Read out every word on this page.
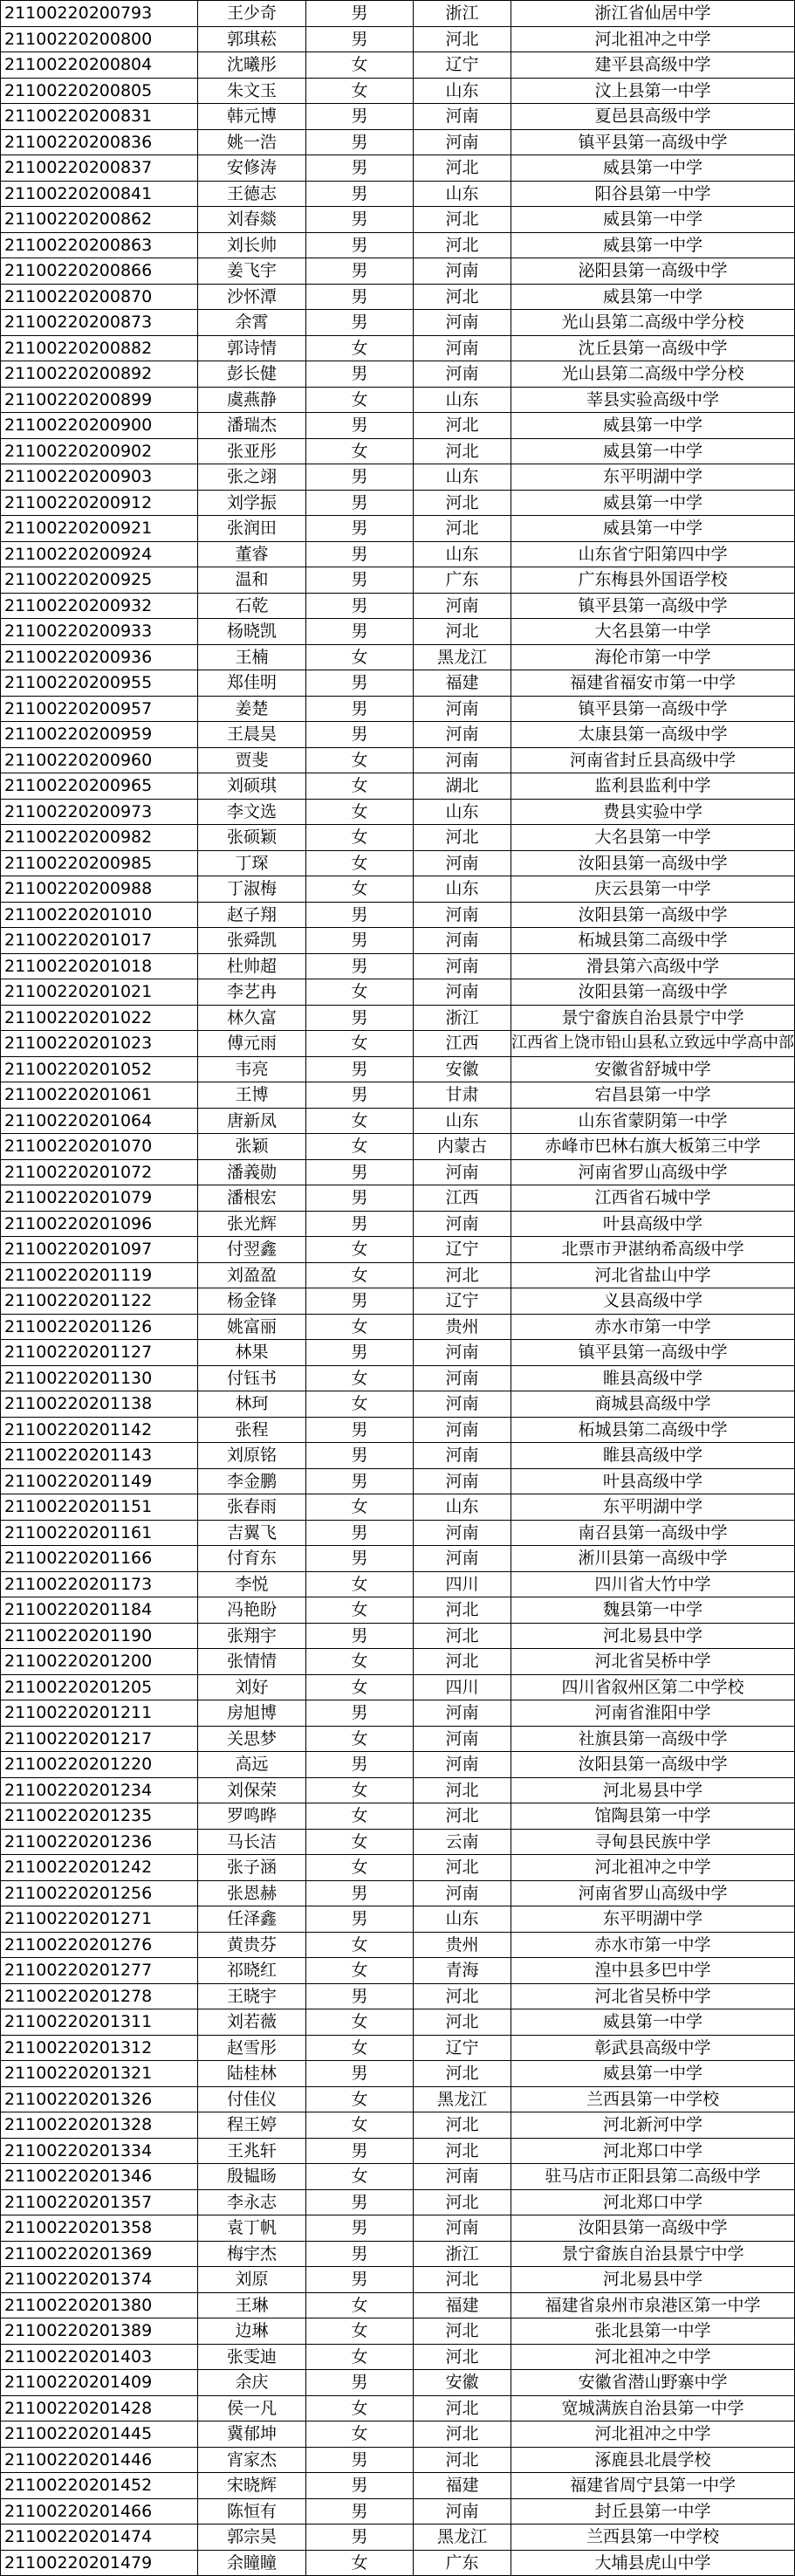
21100220200793	王少奇	男	浙江	浙江省仙居中学
21100220200800	郭琪菘	男	河北	河北祖冲之中学
21100220200804	沈曦彤	女	辽宁	建平县高级中学
21100220200805	朱文玉	女	山东	汶上县第一中学
21100220200831	韩元博	男	河南	夏邑县高级中学
21100220200836	姚一浩	男	河南	镇平县第一高级中学
21100220200837	安修涛	男	河北	威县第一中学
21100220200841	王德志	男	山东	阳谷县第一中学
21100220200862	刘春燚	男	河北	威县第一中学
21100220200863	刘长帅	男	河北	威县第一中学
21100220200866	姜飞宇	男	河南	泌阳县第一高级中学
21100220200870	沙怀潭	男	河北	威县第一中学
21100220200873	余霄	男	河南	光山县第二高级中学分校
21100220200882	郭诗情	女	河南	沈丘县第一高级中学
21100220200892	彭长健	男	河南	光山县第二高级中学分校
21100220200899	虞燕静	女	山东	莘县实验高级中学
21100220200900	潘瑞杰	男	河北	威县第一中学
21100220200902	张亚彤	女	河北	威县第一中学
21100220200903	张之翊	男	山东	东平明湖中学
21100220200912	刘学振	男	河北	威县第一中学
21100220200921	张润田	男	河北	威县第一中学
21100220200924	董睿	男	山东	山东省宁阳第四中学
21100220200925	温和	男	广东	广东梅县外国语学校
21100220200932	石乾	男	河南	镇平县第一高级中学
21100220200933	杨晓凯	男	河北	大名县第一中学
21100220200936	王楠	女	黑龙江	海伦市第一中学
21100220200955	郑佳明	男	福建	福建省福安市第一中学
21100220200957	姜楚	男	河南	镇平县第一高级中学
21100220200959	王晨昊	男	河南	太康县第一高级中学
21100220200960	贾斐	女	河南	河南省封丘县高级中学
21100220200965	刘硕琪	女	湖北	监利县监利中学
21100220200973	李文选	女	山东	费县实验中学
21100220200982	张硕颖	女	河北	大名县第一中学
21100220200985	丁琛	女	河南	汝阳县第一高级中学
21100220200988	丁淑梅	女	山东	庆云县第一中学
21100220201010	赵子翔	男	河南	汝阳县第一高级中学
21100220201017	张舜凯	男	河南	柘城县第二高级中学
21100220201018	杜帅超	男	河南	滑县第六高级中学
21100220201021	李艺冉	女	河南	汝阳县第一高级中学
21100220201022	林久富	男	浙江	景宁畲族自治县景宁中学
21100220201023	傅元雨	女	江西	江西省上饶市铅山县私立致远中学高中部
21100220201052	韦亮	男	安徽	安徽省舒城中学
21100220201061	王博	男	甘肃	宕昌县第一中学
21100220201064	唐新凤	女	山东	山东省蒙阴第一中学
21100220201070	张颖	女	内蒙古	赤峰市巴林右旗大板第三中学
21100220201072	潘義勋	男	河南	河南省罗山高级中学
21100220201079	潘根宏	男	江西	江西省石城中学
21100220201096	张光辉	男	河南	叶县高级中学
21100220201097	付翌鑫	女	辽宁	北票市尹湛纳希高级中学
21100220201119	刘盈盈	女	河北	河北省盐山中学
21100220201122	杨金锋	男	辽宁	义县高级中学
21100220201126	姚富丽	女	贵州	赤水市第一中学
21100220201127	林果	男	河南	镇平县第一高级中学
21100220201130	付钰书	女	河南	睢县高级中学
21100220201138	林珂	女	河南	商城县高级中学
21100220201142	张程	男	河南	柘城县第二高级中学
21100220201143	刘原铭	男	河南	睢县高级中学
21100220201149	李金鹏	男	河南	叶县高级中学
21100220201151	张春雨	女	山东	东平明湖中学
21100220201161	吉翼飞	男	河南	南召县第一高级中学
21100220201166	付育东	男	河南	淅川县第一高级中学
21100220201173	李悦	女	四川	四川省大竹中学
21100220201184	冯艳盼	女	河北	魏县第一中学
21100220201190	张翔宇	男	河北	河北易县中学
21100220201200	张情情	女	河北	河北省吴桥中学
21100220201205	刘好	女	四川	四川省叙州区第二中学校
21100220201211	房旭博	男	河南	河南省淮阳中学
21100220201217	关思梦	女	河南	社旗县第一高级中学
21100220201220	高远	男	河南	汝阳县第一高级中学
21100220201234	刘保荣	女	河北	河北易县中学
21100220201235	罗鸣晔	女	河北	馆陶县第一中学
21100220201236	马长洁	女	云南	寻甸县民族中学
21100220201242	张子涵	女	河北	河北祖冲之中学
21100220201256	张恩赫	男	河南	河南省罗山高级中学
21100220201271	任泽鑫	男	山东	东平明湖中学
21100220201276	黄贵芬	女	贵州	赤水市第一中学
21100220201277	祁晓红	女	青海	湟中县多巴中学
21100220201278	王晓宇	男	河北	河北省吴桥中学
21100220201311	刘若薇	女	河北	威县第一中学
21100220201312	赵雪彤	女	辽宁	彰武县高级中学
21100220201321	陆桂林	男	河北	威县第一中学
21100220201326	付佳仪	女	黑龙江	兰西县第一中学校
21100220201328	程王婷	女	河北	河北新河中学
21100220201334	王兆轩	男	河北	河北郑口中学
21100220201346	殷韫旸	女	河南	驻马店市正阳县第二高级中学
21100220201357	李永志	男	河北	河北郑口中学
21100220201358	袁丁帆	男	河南	汝阳县第一高级中学
21100220201369	梅宇杰	男	浙江	景宁畲族自治县景宁中学
21100220201374	刘原	男	河北	河北易县中学
21100220201380	王琳	女	福建	福建省泉州市泉港区第一中学
21100220201389	边琳	女	河北	张北县第一中学
21100220201403	张雯迪	女	河北	河北祖冲之中学
21100220201409	余庆	男	安徽	安徽省潜山野寨中学
21100220201428	侯一凡	女	河北	宽城满族自治县第一中学
21100220201445	冀郁坤	女	河北	河北祖冲之中学
21100220201446	宵家杰	男	河北	涿鹿县北晨学校
21100220201452	宋晓辉	男	福建	福建省周宁县第一中学
21100220201466	陈恒有	男	河南	封丘县第一中学
21100220201474	郭宗昊	男	黑龙江	兰西县第一中学校
21100220201479	余瞳瞳	女	广东	大埔县虎山中学
